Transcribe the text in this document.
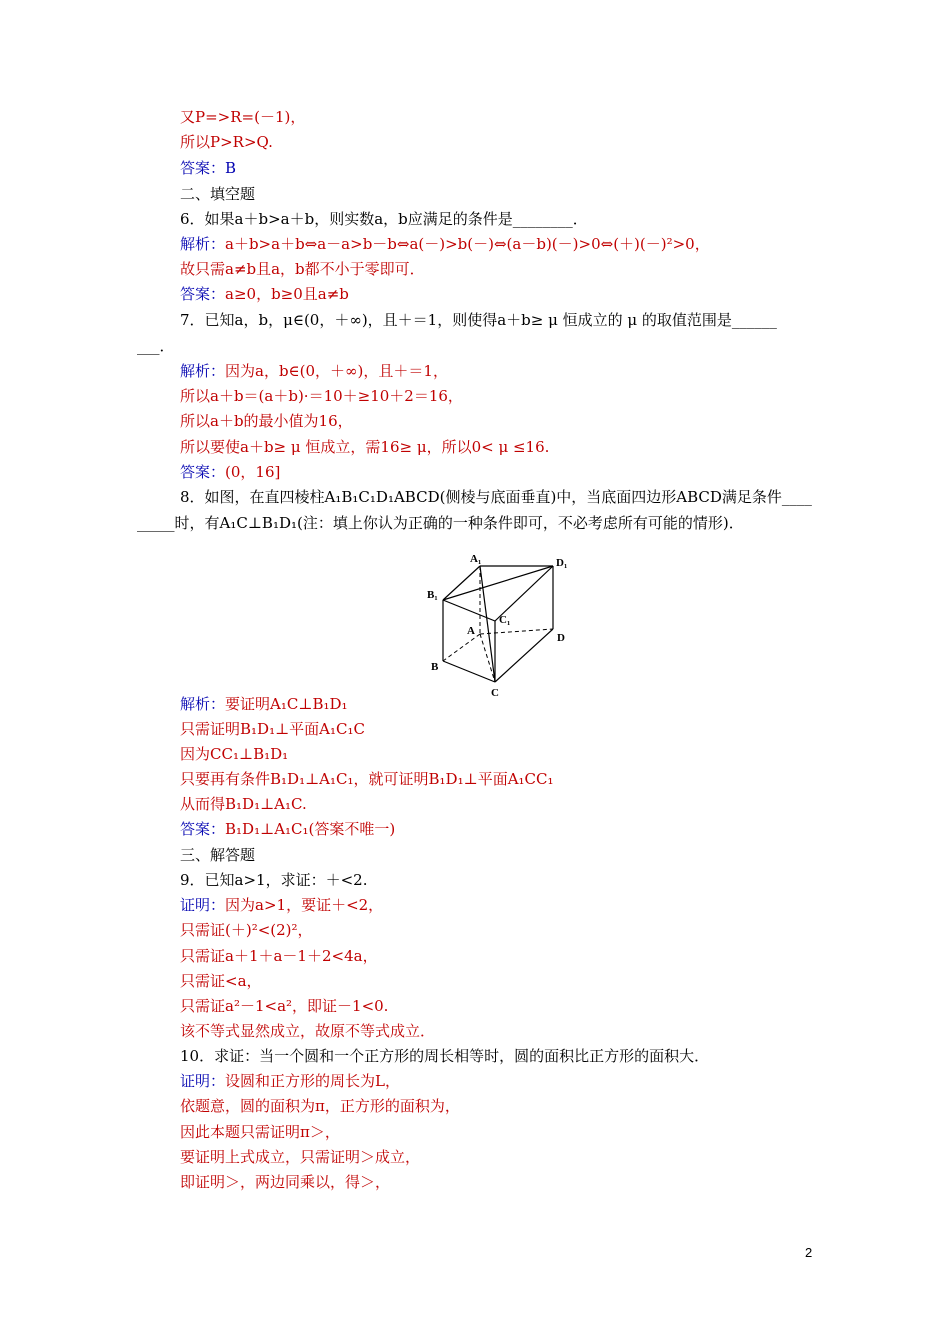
又P=>R=(－1)，
所以P>R>Q.
答案：B
二、填空题
6．如果a＋b>a＋b，则实数a，b应满足的条件是________．
解析：a＋b>a＋b⇔a－a>b－b⇔a(－)>b(－)⇔(a－b)(－)>0⇔(＋)(－)²>0，
故只需a≠b且a，b都不小于零即可．
答案：a≥0，b≥0且a≠b
7．已知a，b，μ∈(0，＋∞)，且＋＝1，则使得a＋b≥ μ 恒成立的 μ 的取值范围是______
___．
解析：因为a，b∈(0，＋∞)，且＋＝1，
所以a＋b＝(a＋b)·＝10＋≥10＋2＝16，
所以a＋b的最小值为16，
所以要使a＋b≥ μ 恒成立，需16≥ μ，所以0< μ ≤16.
答案：(0，16]
8．如图，在直四棱柱A₁B₁C₁D₁ABCD(侧棱与底面垂直)中，当底面四边形ABCD满足条件____
_____时，有A₁C⊥B₁D₁(注：填上你认为正确的一种条件即可，不必考虑所有可能的情形)．
解析：要证明A₁C⊥B₁D₁
只需证明B₁D₁⊥平面A₁C₁C
因为CC₁⊥B₁D₁
只要再有条件B₁D₁⊥A₁C₁，就可证明B₁D₁⊥平面A₁CC₁
从而得B₁D₁⊥A₁C.
答案：B₁D₁⊥A₁C₁(答案不唯一)
三、解答题
9．已知a>1，求证：＋<2.
证明：因为a>1，要证＋<2，
只需证(＋)²<(2)²，
只需证a＋1＋a－1＋2<4a，
只需证<a，
只需证a²－1<a²，即证－1<0.
该不等式显然成立，故原不等式成立．
10．求证：当一个圆和一个正方形的周长相等时，圆的面积比正方形的面积大．
证明：设圆和正方形的周长为L，
依题意，圆的面积为π，正方形的面积为，
因此本题只需证明π＞，
要证明上式成立，只需证明＞成立，
即证明＞，两边同乘以，得＞，
A₁	D₁
B₁
C₁
A
D
B
C
2
